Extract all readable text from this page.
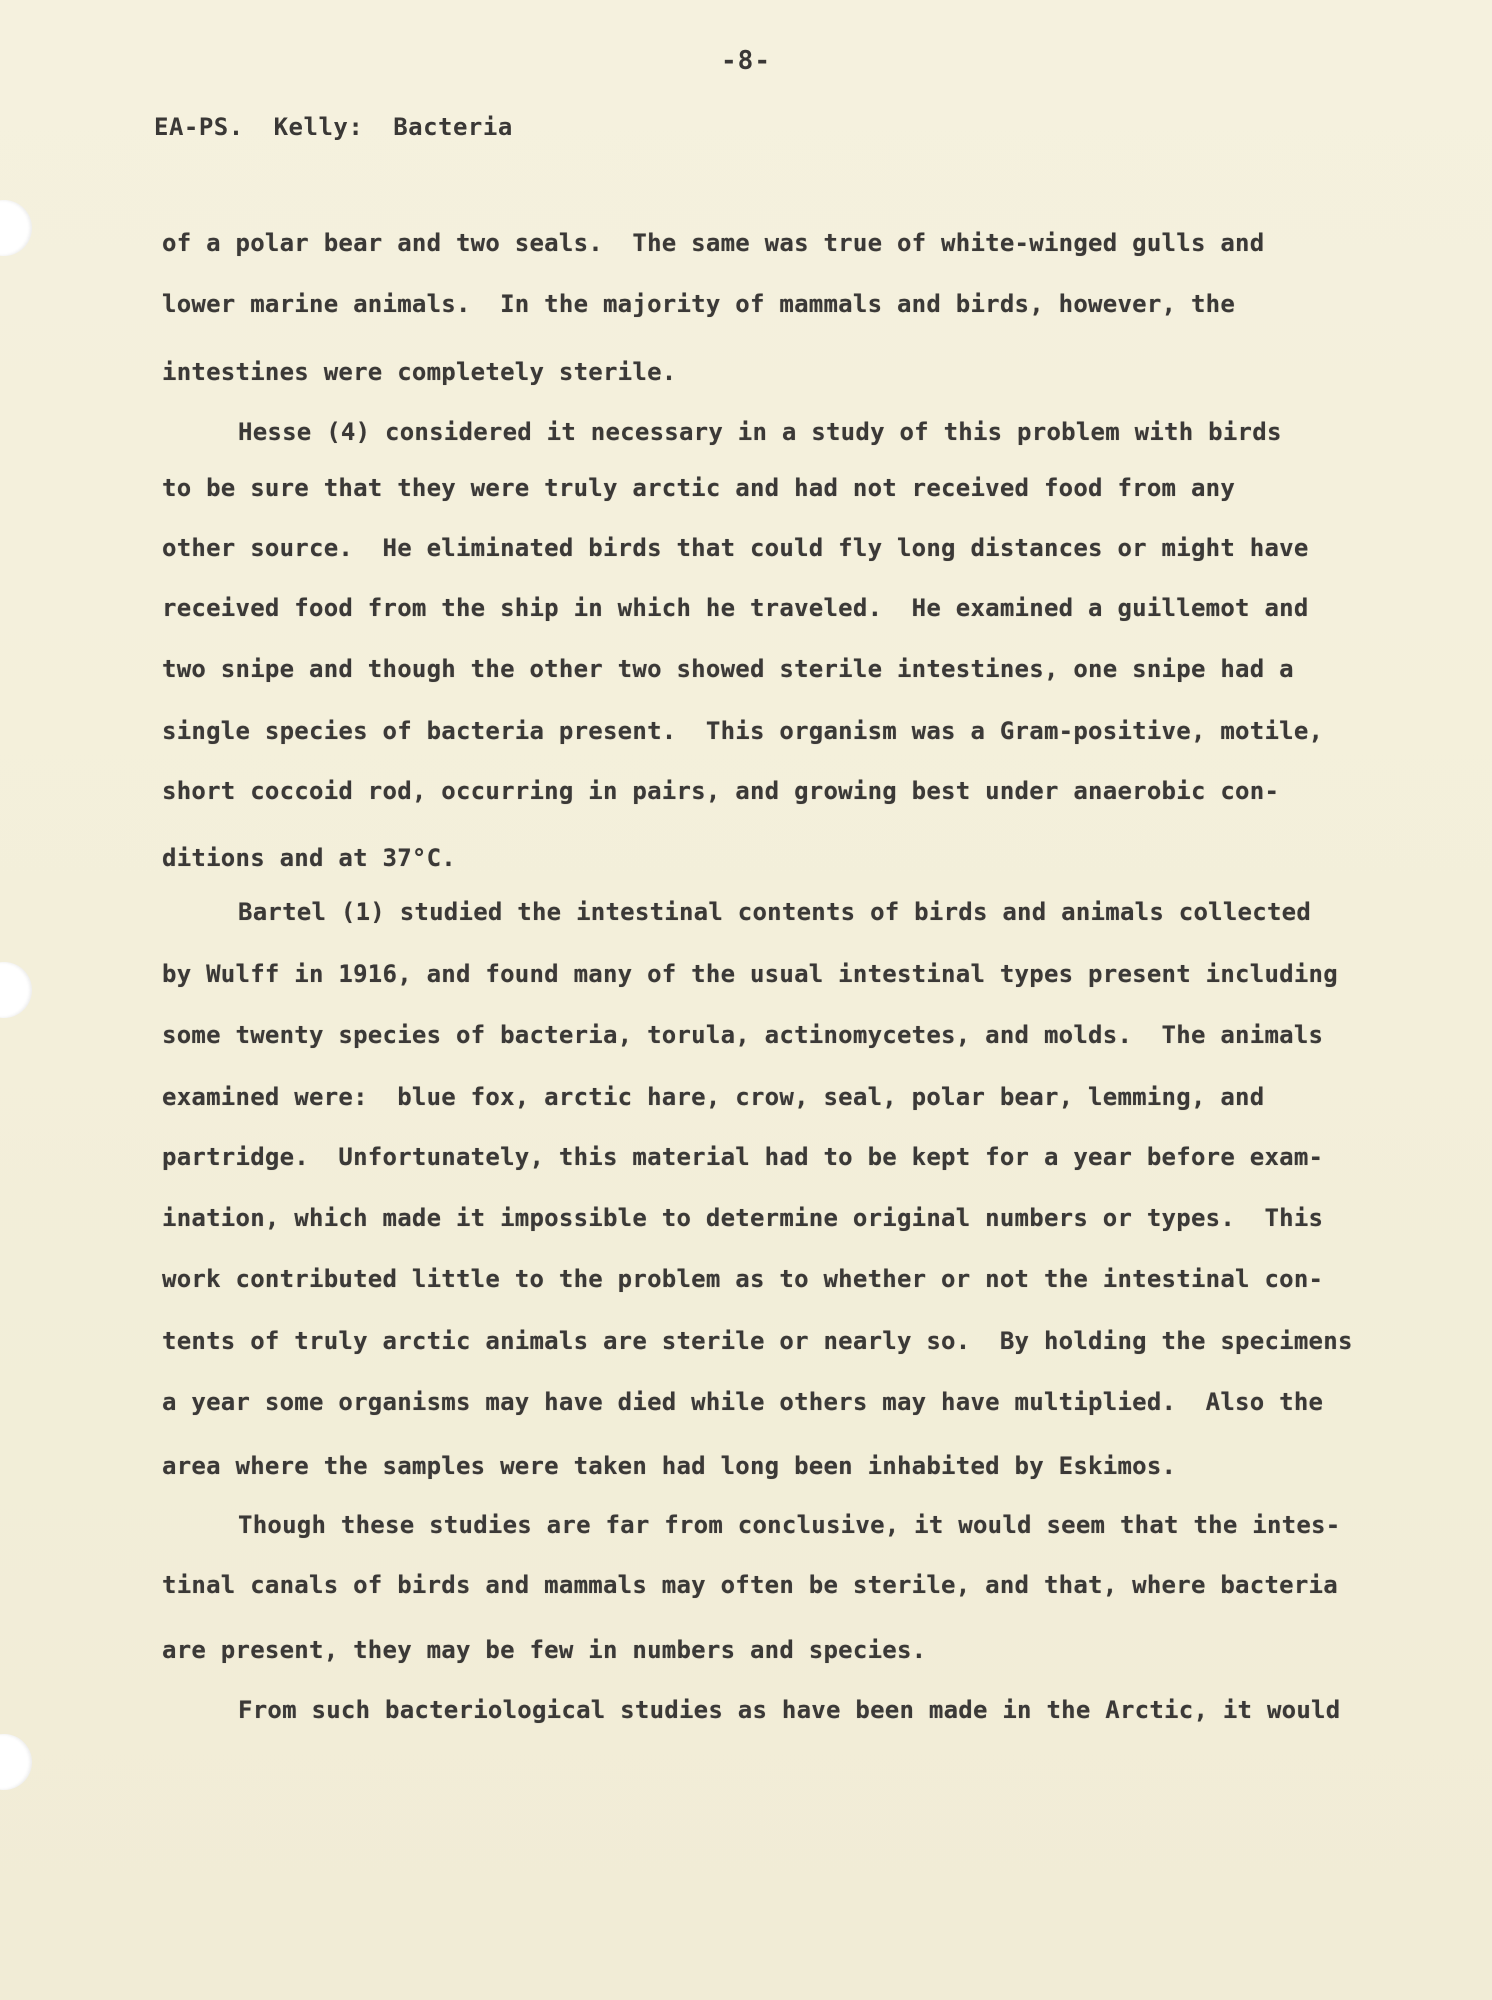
-8-
EA-PS.  Kelly:  Bacteria
of a polar bear and two seals.  The same was true of white-winged gulls and
lower marine animals.  In the majority of mammals and birds, however, the
intestines were completely sterile.
Hesse (4) considered it necessary in a study of this problem with birds
to be sure that they were truly arctic and had not received food from any
other source.  He eliminated birds that could fly long distances or might have
received food from the ship in which he traveled.  He examined a guillemot and
two snipe and though the other two showed sterile intestines, one snipe had a
single species of bacteria present.  This organism was a Gram-positive, motile,
short coccoid rod, occurring in pairs, and growing best under anaerobic con-
ditions and at 37°C.
Bartel (1) studied the intestinal contents of birds and animals collected
by Wulff in 1916, and found many of the usual intestinal types present including
some twenty species of bacteria, torula, actinomycetes, and molds.  The animals
examined were:  blue fox, arctic hare, crow, seal, polar bear, lemming, and
partridge.  Unfortunately, this material had to be kept for a year before exam-
ination, which made it impossible to determine original numbers or types.  This
work contributed little to the problem as to whether or not the intestinal con-
tents of truly arctic animals are sterile or nearly so.  By holding the specimens
a year some organisms may have died while others may have multiplied.  Also the
area where the samples were taken had long been inhabited by Eskimos.
Though these studies are far from conclusive, it would seem that the intes-
tinal canals of birds and mammals may often be sterile, and that, where bacteria
are present, they may be few in numbers and species.
From such bacteriological studies as have been made in the Arctic, it would
